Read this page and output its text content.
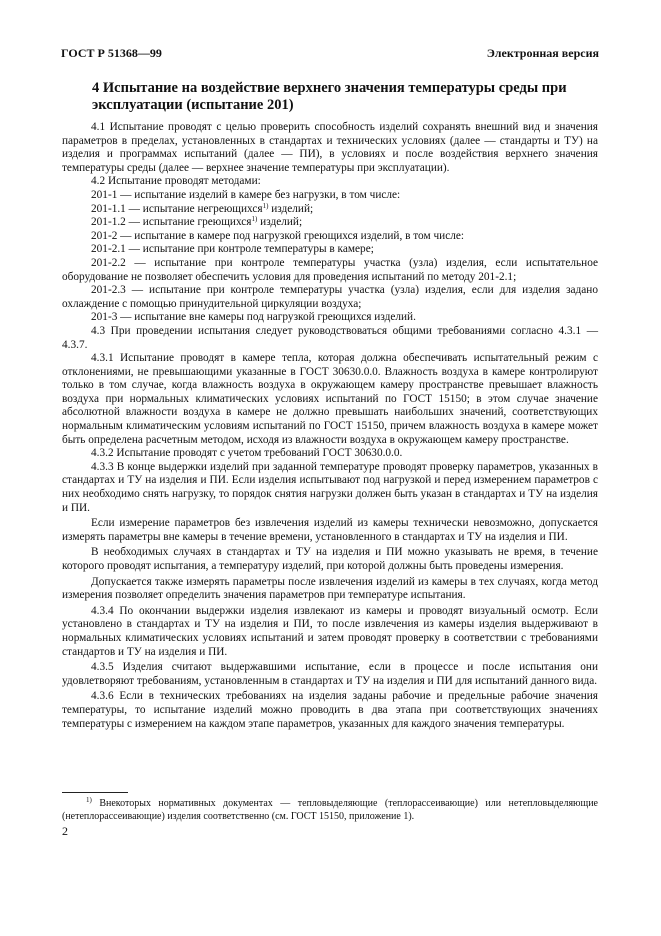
ГОСТ Р 51368—99	Электронная версия
4 Испытание на воздействие верхнего значения температуры среды при эксплуатации (испытание 201)

4.1 Испытание проводят с целью проверить способность изделий сохранять внешний вид и значения параметров в пределах, установленных в стандартах и технических условиях (далее — стандарты и ТУ) на изделия и программах испытаний (далее — ПИ), в условиях и после воздействия верхнего значения температуры среды (далее — верхнее значение температуры при эксплуатации).

4.2 Испытание проводят методами:

201-1 — испытание изделий в камере без нагрузки, в том числе:

201-1.1 — испытание негреющихся$^{1)}$ изделий;

201-1.2 — испытание греющихся$^{1)}$ изделий;

201-2 — испытание в камере под нагрузкой греющихся изделий, в том числе:

201-2.1 — испытание при контроле температуры в камере;

201-2.2 — испытание при контроле температуры участка (узла) изделия, если испытательное оборудование не позволяет обеспечить условия для проведения испытаний по методу 201-2.1;

201-2.3 — испытание при контроле температуры участка (узла) изделия, если для изделия задано охлаждение с помощью принудительной циркуляции воздуха;

201-3 — испытание вне камеры под нагрузкой греющихся изделий.

4.3 При проведении испытания следует руководствоваться общими требованиями согласно 4.3.1 — 4.3.7.

4.3.1 Испытание проводят в камере тепла, которая должна обеспечивать испытательный режим с отклонениями, не превышающими указанные в ГОСТ 30630.0.0. Влажность воздуха в камере контролируют только в том случае, когда влажность воздуха в окружающем камеру пространстве превышает влажность воздуха при нормальных климатических условиях испытаний по ГОСТ 15150; в этом случае значение абсолютной влажности воздуха в камере не должно превышать наибольших значений, соответствующих нормальным климатическим условиям испытаний по ГОСТ 15150, причем влажность воздуха в камере может быть определена расчетным методом, исходя из влажности воздуха в окружающем камеру пространстве.

4.3.2 Испытание проводят с учетом требований ГОСТ 30630.0.0.

4.3.3 В конце выдержки изделий при заданной температуре проводят проверку параметров, указанных в стандартах и ТУ на изделия и ПИ. Если изделия испытывают под нагрузкой и перед измерением параметров с них необходимо снять нагрузку, то порядок снятия нагрузки должен быть указан в стандартах и ТУ на изделия и ПИ.

Если измерение параметров без извлечения изделий из камеры технически невозможно, допускается измерять параметры вне камеры в течение времени, установленного в стандартах и ТУ на изделия и ПИ.

В необходимых случаях в стандартах и ТУ на изделия и ПИ можно указывать не время, в течение которого проводят испытания, а температуру изделий, при которой должны быть проведены измерения.

Допускается также измерять параметры после извлечения изделий из камеры в тех случаях, когда метод измерения позволяет определить значения параметров при температуре испытания.

4.3.4 По окончании выдержки изделия извлекают из камеры и проводят визуальный осмотр. Если установлено в стандартах и ТУ на изделия и ПИ, то после извлечения из камеры изделия выдерживают в нормальных климатических условиях испытаний и затем проводят проверку в соответствии с требованиями стандартов и ТУ на изделия и ПИ.

4.3.5 Изделия считают выдержавшими испытание, если в процессе и после испытания они удовлетворяют требованиям, установленным в стандартах и ТУ на изделия и ПИ для испытаний данного вида.

4.3.6 Если в технических требованиях на изделия заданы рабочие и предельные рабочие значения температуры, то испытание изделий можно проводить в два этапа при соответствующих значениях температуры с измерением на каждом этапе параметров, указанных для каждого значения температуры.

$^{1)}$ Внекоторых нормативных документах — тепловыделяющие (теплорассеивающие) или нетепловыделяющие (нетеплорассеивающие) изделия соответственно (см. ГОСТ 15150, приложение 1).

2
